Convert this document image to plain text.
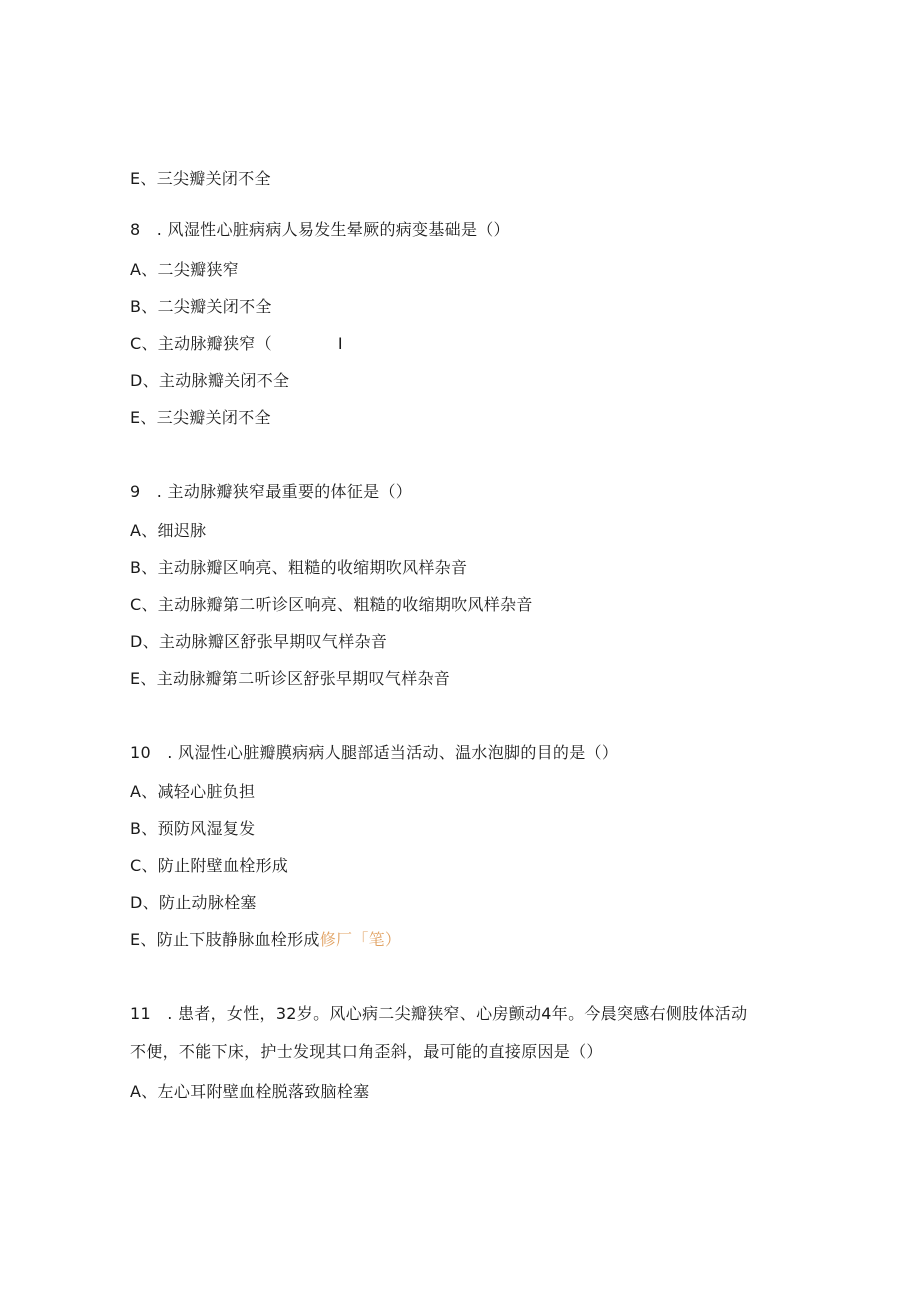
E、三尖瓣关闭不全
8　. 风湿性心脏病病人易发生晕厥的病变基础是（）
A、二尖瓣狭窄
B、二尖瓣关闭不全
C、主动脉瓣狭窄（	I
D、主动脉瓣关闭不全
E、三尖瓣关闭不全
9　. 主动脉瓣狭窄最重要的体征是（）
A、细迟脉
B、主动脉瓣区响亮、粗糙的收缩期吹风样杂音
C、主动脉瓣第二听诊区响亮、粗糙的收缩期吹风样杂音
D、主动脉瓣区舒张早期叹气样杂音
E、主动脉瓣第二听诊区舒张早期叹气样杂音
10　. 风湿性心脏瓣膜病病人腿部适当活动、温水泡脚的目的是（）
A、减轻心脏负担
B、预防风湿复发
C、防止附壁血栓形成
D、防止动脉栓塞
E、防止下肢静脉血栓形成修厂「笔）
11　. 患者，女性，32岁。风心病二尖瓣狭窄、心房颤动4年。今晨突感右侧肢体活动
不便，不能下床，护士发现其口角歪斜，最可能的直接原因是（）
A、左心耳附壁血栓脱落致脑栓塞
